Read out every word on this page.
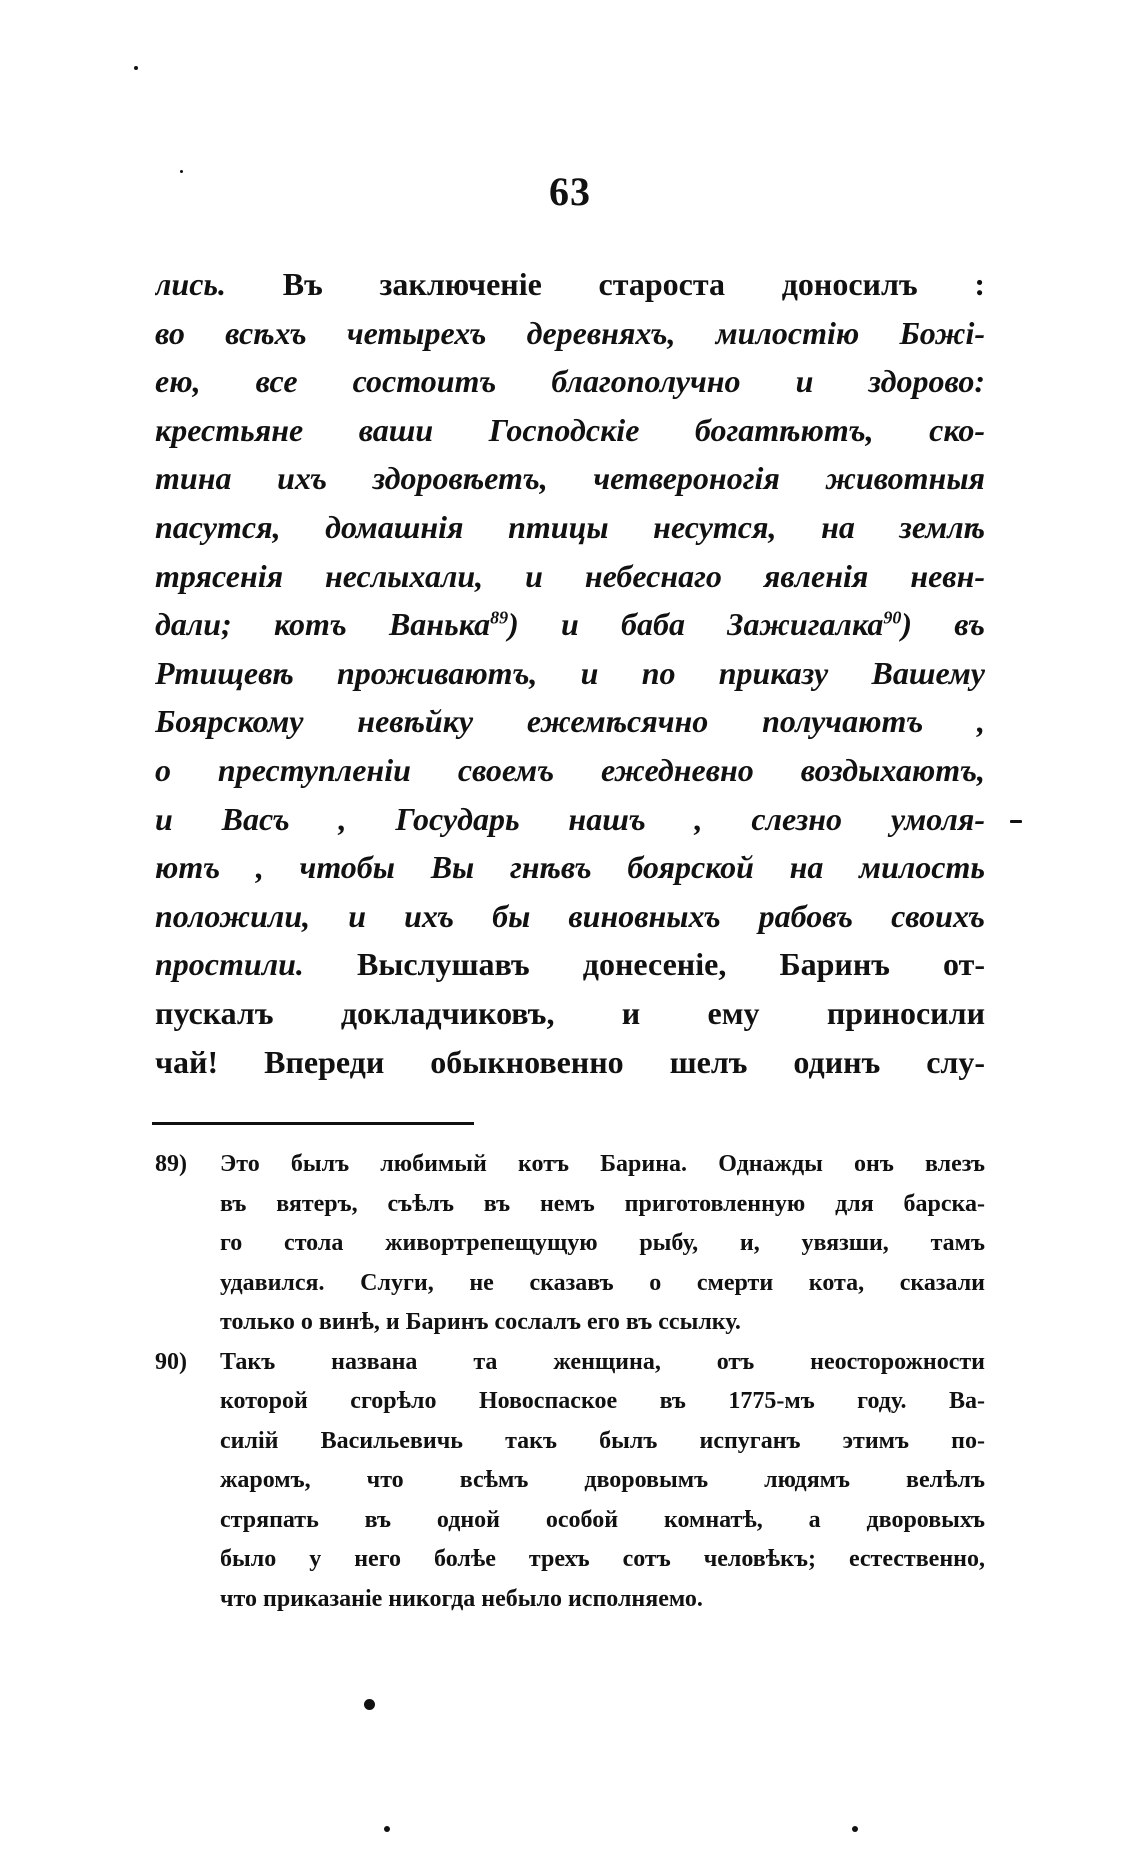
63
лись. Въ заключеніе староста доносилъ :
во всѣхъ четырехъ деревняхъ, милостію Божі-
ею, все состоитъ благополучно и здорово:
крестьяне ваши Господскіе богатѣютъ, ско-
тина ихъ здоровѣетъ, четвероногія животныя
пасутся, домашнія птицы несутся, на землѣ
трясенія неслыхали, и небеснаго явленія невн-
дали; котъ Ванька$^{89}$) и баба Зажигалка$^{90}$) въ
Ртищевѣ проживаютъ, и по приказу Вашему
Боярскому невѣйку ежемѣсячно получаютъ ,
о преступленіи своемъ ежедневно воздыхаютъ,
и Васъ , Государь нашъ , слезно умоля-
ютъ , чтобы Вы гнѣвъ боярской на милость
положили, и ихъ бы виновныхъ рабовъ своихъ
простили. Выслушавъ донесеніе, Баринъ от-
пускалъ докладчиковъ, и ему приносили
чай! Впереди обыкновенно шелъ одинъ слу-
89)	Это былъ любимый котъ Барина. Однажды онъ влезъ
въ вятеръ, съѣлъ въ немъ приготовленную для барска-
го стола живортрепещущую рыбу, и, увязши, тамъ
удавился. Слуги, не сказавъ о смерти кота, сказали
только о винѣ, и Баринъ сослалъ его въ ссылку.
90)	Такъ названа та женщина, отъ неосторожности
которой сгорѣло Новоспаское въ 1775-мъ году. Ва-
силій Васильевичь такъ былъ испуганъ этимъ по-
жаромъ, что всѣмъ дворовымъ людямъ велѣлъ
стряпать въ одной особой комнатѣ, а дворовыхъ
было у него болѣе трехъ сотъ человѣкъ; естественно,
что приказаніе никогда небыло исполняемо.
